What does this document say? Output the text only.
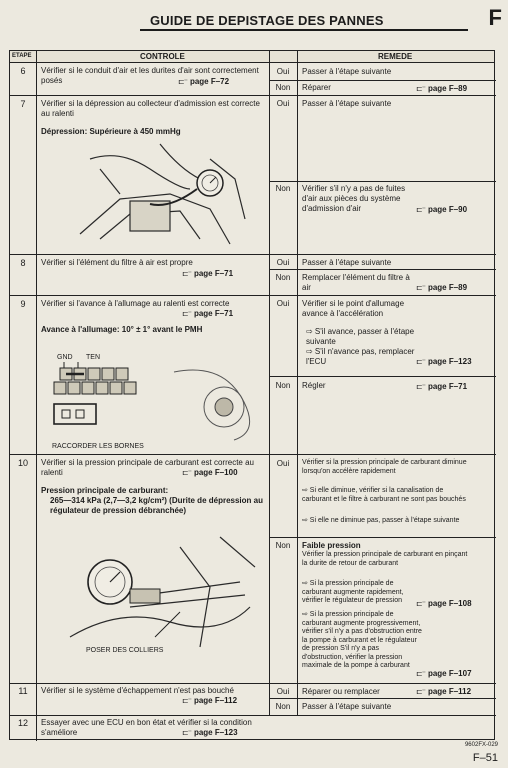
GUIDE DE DEPISTAGE DES PANNES	F
ETAPE	CONTROLE	REMEDE
6	Vérifier si le conduit d'air et les durites d'air sont correctement posés	⊏⁻ page F–72
Oui	Passer à l'étape suivante
Non	Réparer	⊏⁻ page F–89
7	Vérifier si la dépression au collecteur d'admission est correcte au ralenti
Dépression: Supérieure à 450 mmHg
Oui	Passer à l'étape suivante
Non	Vérifier s'il n'y a pas de fuites d'air aux pièces du système d'admission d'air	⊏⁻ page F–90
8	Vérifier si l'élément du filtre à air est propre
⊏⁻ page F–71
Oui	Passer à l'étape suivante
Non	Remplacer l'élément du filtre à air	⊏⁻ page F–89
9	Vérifier si l'avance à l'allumage au ralenti est correcte
⊏⁻ page F–71
Avance à l'allumage: 10° ± 1° avant le PMH
GND TEN
RACCORDER LES BORNES
Oui	Vérifier si le point d'allumage avance à l'accélération
⇨ S'il avance, passer à l'étape suivante
⇨ S'il n'avance pas, remplacer l'ECU	⊏⁻ page F–123
Non	Régler	⊏⁻ page F–71
10	Vérifier si la pression principale de carburant est correcte au ralenti	⊏⁻ page F–100
Pression principale de carburant:
265—314 kPa (2,7—3,2 kg/cm²) (Durite de dépression au régulateur de pression débranchée)
POSER DES COLLIERS
Oui	Vérifier si la pression principale de carburant diminue lorsqu'on accélère rapidement
⇨ Si elle diminue, vérifier si la canalisation de carburant et le filtre à carburant ne sont pas bouchés
⇨ Si elle ne diminue pas, passer à l'étape suivante
Non	Faible pression
Vérifier la pression principale de carburant en pinçant la durite de retour de carburant
⇨ Si la pression principale de carburant augmente rapidement, vérifier le régulateur de pression	⊏⁻ page F–108
⇨ Si la pression principale de carburant augmente progressivement, vérifier s'il n'y a pas d'obstruction entre la pompe à carburant et le régulateur de pression S'il n'y a pas d'obstruction, vérifier la pression maximale de la pompe à carburant
⊏⁻ page F–107
11	Vérifier si le système d'échappement n'est pas bouché
⊏⁻ page F–112
Oui	Réparer ou remplacer	⊏⁻ page F–112
Non	Passer à l'étape suivante
12	Essayer avec une ECU en bon état et vérifier si la condition s'améliore	⊏⁻ page F–123
9602FX-029
F–51
